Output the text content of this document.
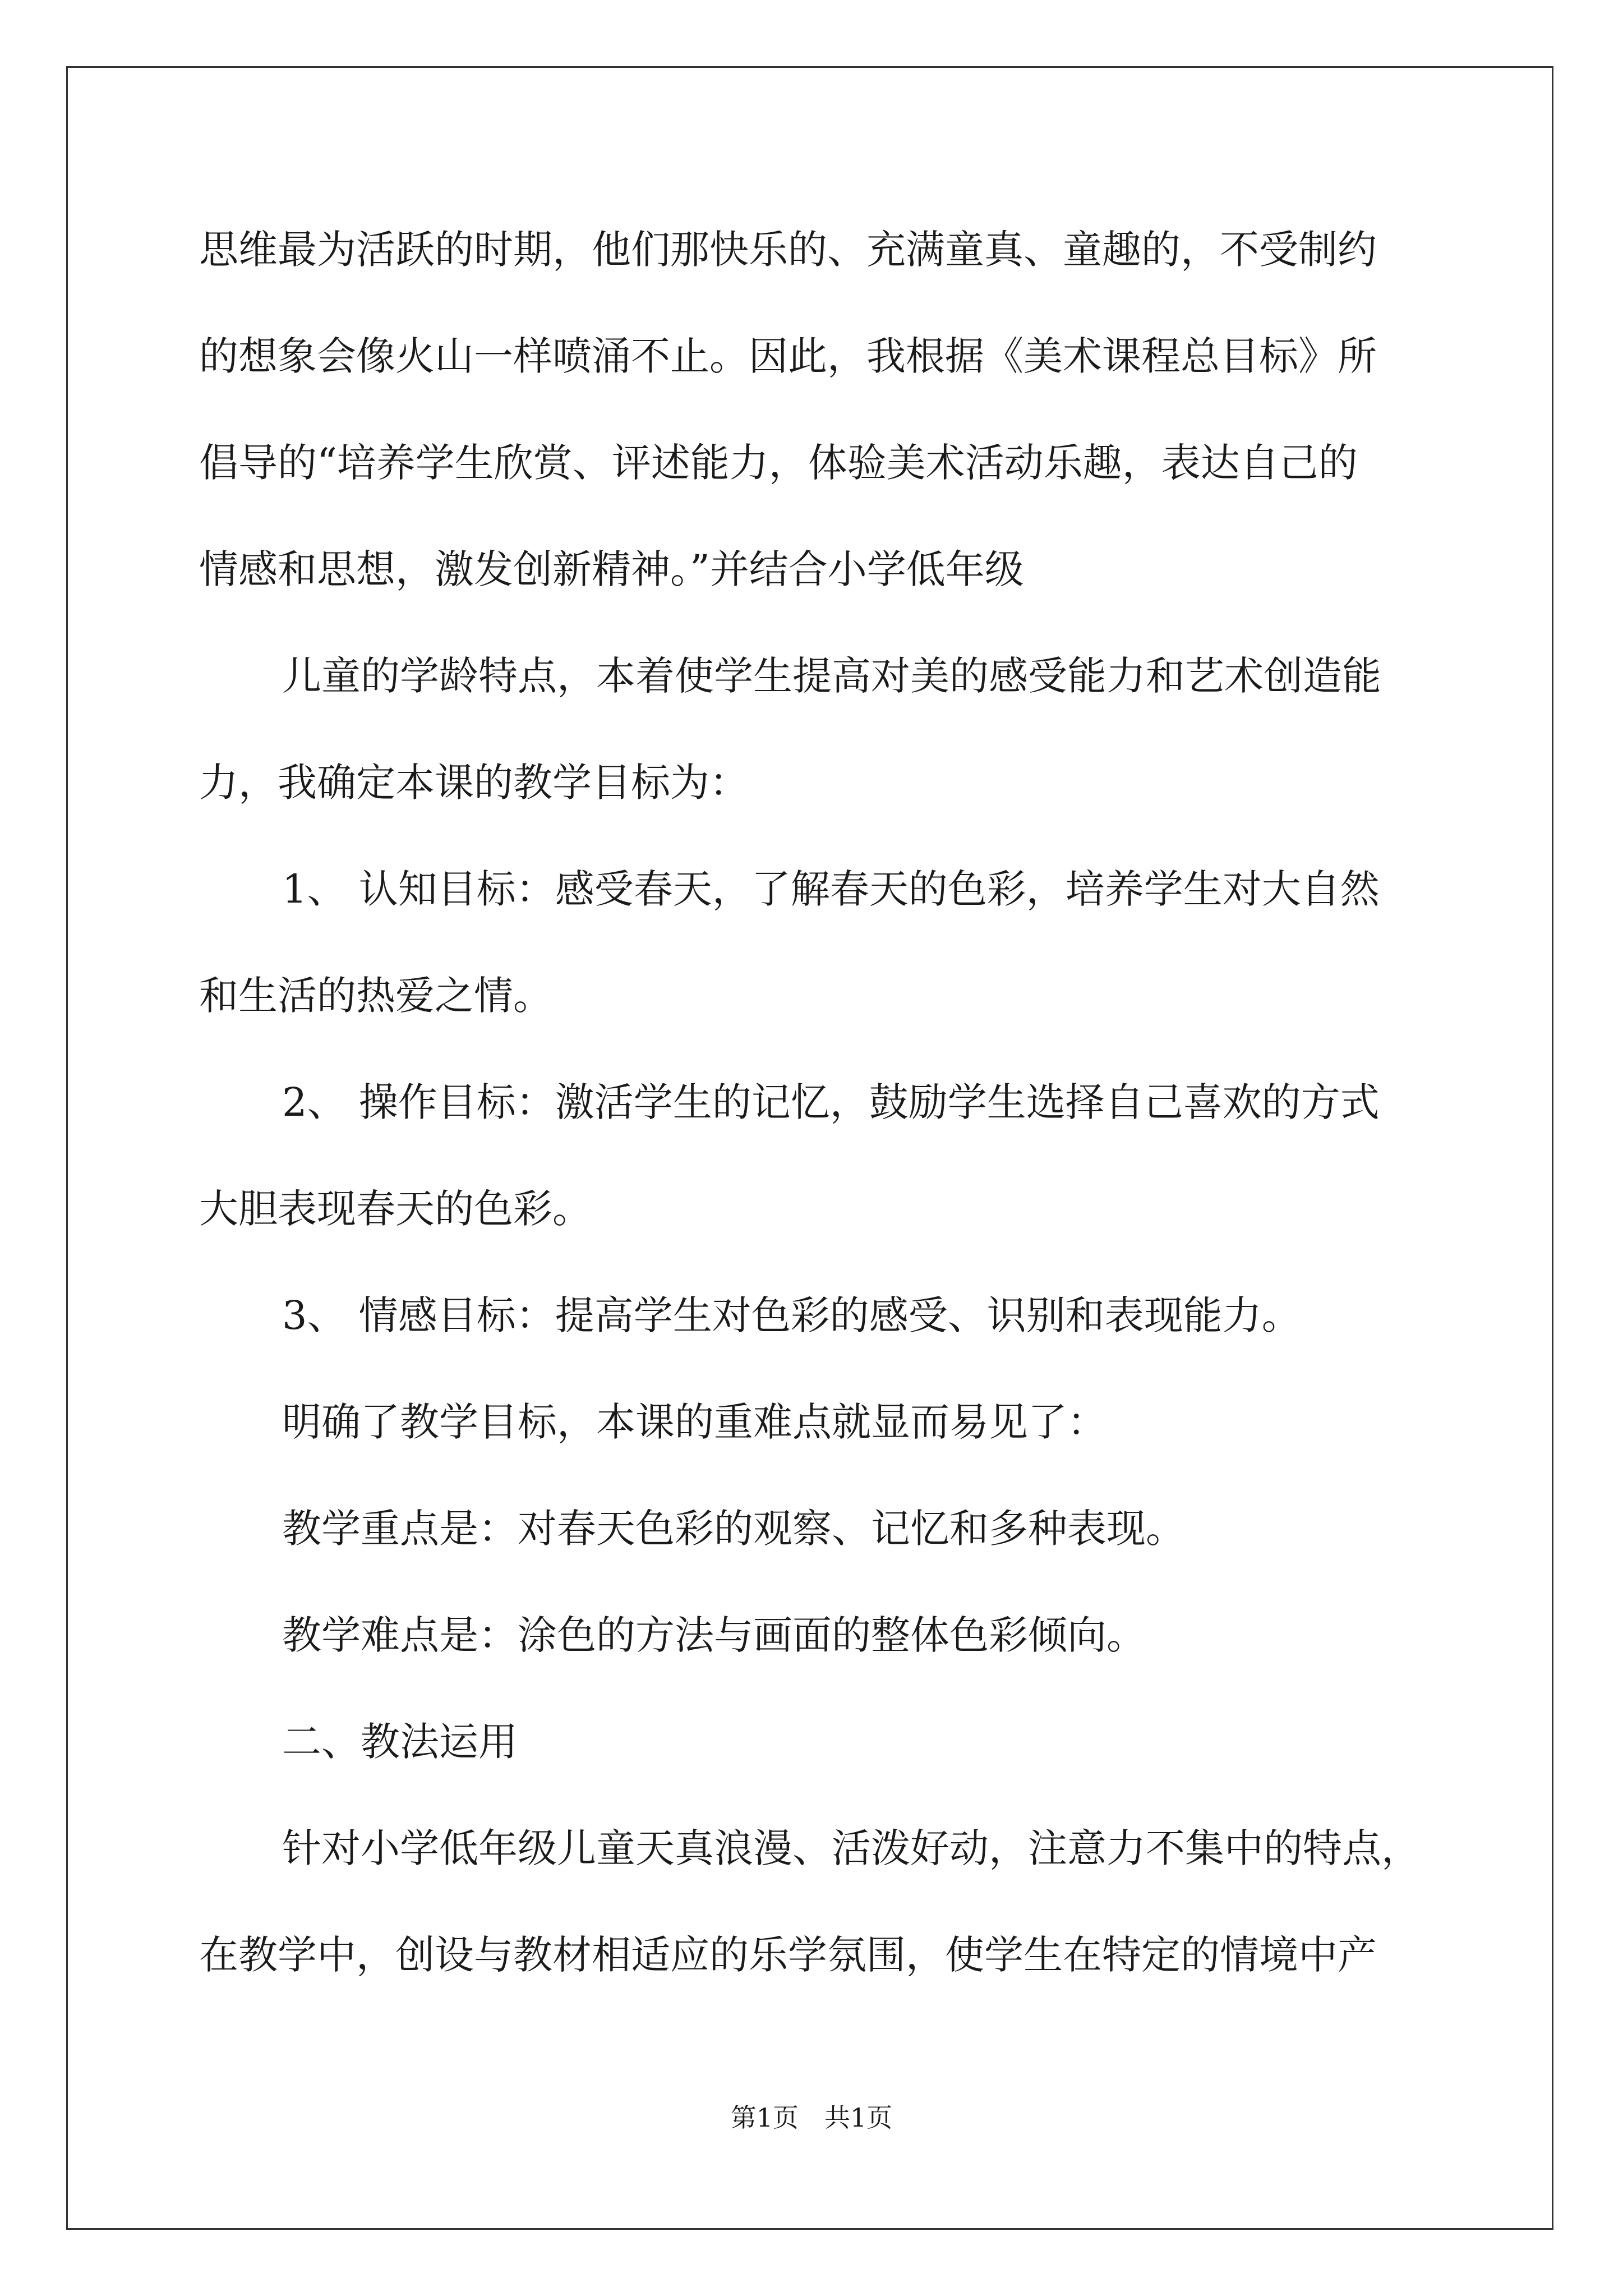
思维最为活跃的时期，他们那快乐的、充满童真、童趣的，不受制约
的想象会像火山一样喷涌不止。因此，我根据《美术课程总目标》所
倡导的“培养学生欣赏、评述能力，体验美术活动乐趣，表达自己的
情感和思想，激发创新精神。”并结合小学低年级
儿童的学龄特点，本着使学生提高对美的感受能力和艺术创造能
力，我确定本课的教学目标为：
1、 认知目标：感受春天，了解春天的色彩，培养学生对大自然
和生活的热爱之情。
2、 操作目标：激活学生的记忆，鼓励学生选择自己喜欢的方式
大胆表现春天的色彩。
3、 情感目标：提高学生对色彩的感受、识别和表现能力。
明确了教学目标，本课的重难点就显而易见了：
教学重点是：对春天色彩的观察、记忆和多种表现。
教学难点是：涂色的方法与画面的整体色彩倾向。
二、教法运用
针对小学低年级儿童天真浪漫、活泼好动，注意力不集中的特点，
在教学中，创设与教材相适应的乐学氛围，使学生在特定的情境中产
第1页　共1页
